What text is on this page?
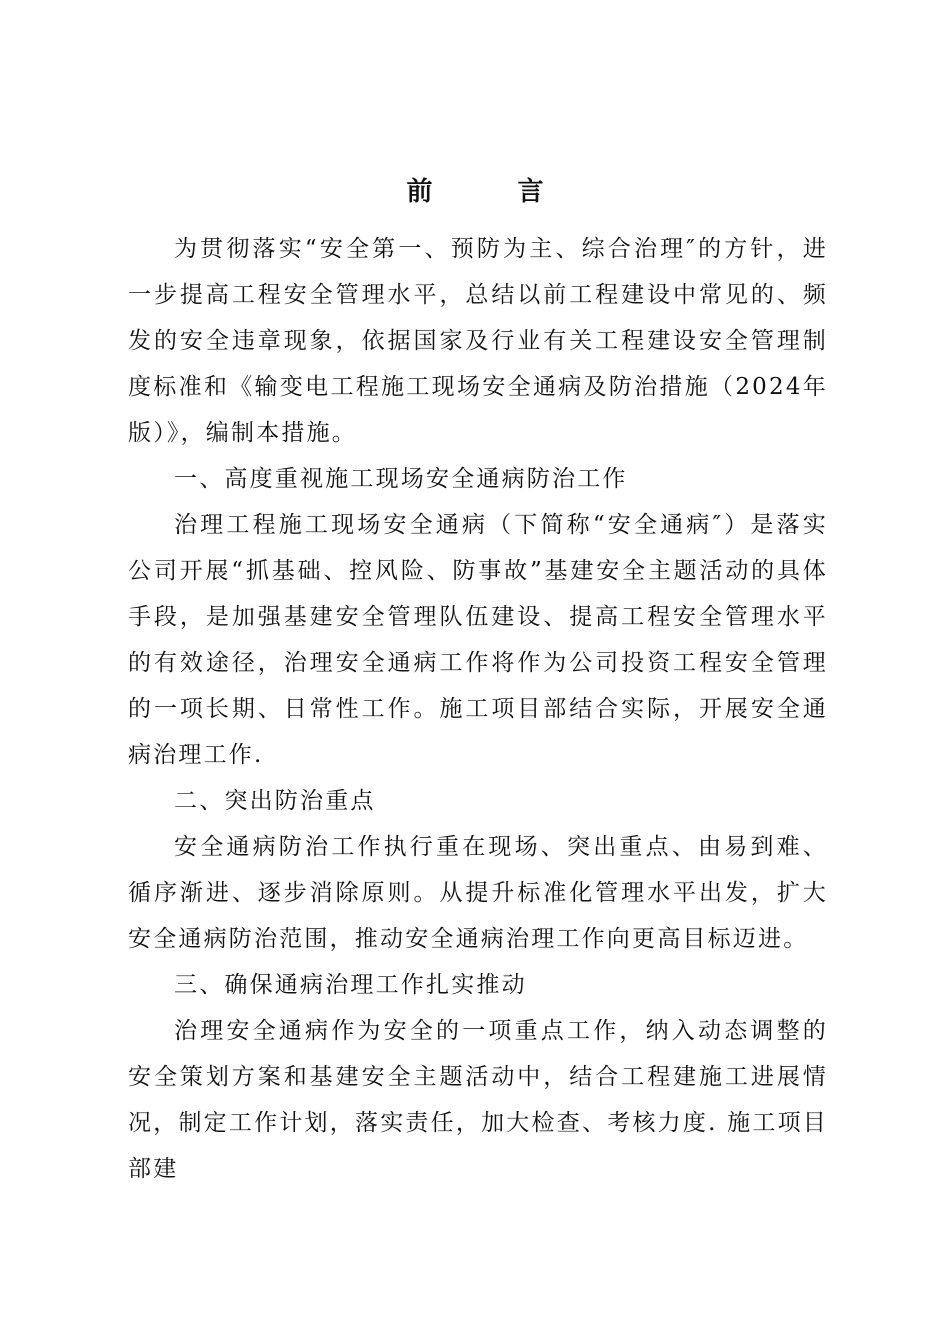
前 言

为贯彻落实“安全第一、预防为主、综合治理″的方针，进一步提高工程安全管理水平，总结以前工程建设中常见的、频发的安全违章现象，依据国家及行业有关工程建设安全管理制度标准和《输变电工程施工现场安全通病及防治措施（2024年版）》，编制本措施。

一、高度重视施工现场安全通病防治工作

治理工程施工现场安全通病（下简称“安全通病″）是落实公司开展“抓基础、控风险、防事故”基建安全主题活动的具体手段，是加强基建安全管理队伍建设、提高工程安全管理水平的有效途径，治理安全通病工作将作为公司投资工程安全管理的一项长期、日常性工作。施工项目部结合实际，开展安全通病治理工作.

二、突出防治重点

安全通病防治工作执行重在现场、突出重点、由易到难、循序渐进、逐步消除原则。从提升标准化管理水平出发，扩大安全通病防治范围，推动安全通病治理工作向更高目标迈进。

三、确保通病治理工作扎实推动

治理安全通病作为安全的一项重点工作，纳入动态调整的安全策划方案和基建安全主题活动中，结合工程建施工进展情况，制定工作计划，落实责任，加大检查、考核力度. 施工项目部建
